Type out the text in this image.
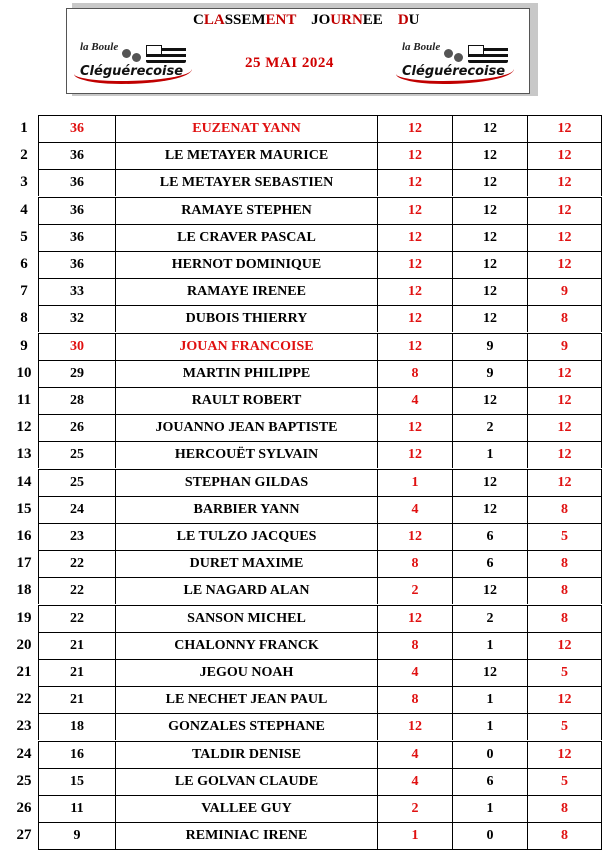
CLASSEMENT    JOURNEE    DU
25 MAI 2024
la Boule
Cléguérecoise
la Boule
Cléguérecoise
1	36	EUZENAT YANN	12	12	12
2	36	LE METAYER MAURICE	12	12	12
3	36	LE METAYER SEBASTIEN	12	12	12
4	36	RAMAYE STEPHEN	12	12	12
5	36	LE CRAVER PASCAL	12	12	12
6	36	HERNOT DOMINIQUE	12	12	12
7	33	RAMAYE IRENEE	12	12	9
8	32	DUBOIS THIERRY	12	12	8
9	30	JOUAN FRANCOISE	12	9	9
10	29	MARTIN PHILIPPE	8	9	12
11	28	RAULT ROBERT	4	12	12
12	26	JOUANNO JEAN BAPTISTE	12	2	12
13	25	HERCOUËT SYLVAIN	12	1	12
14	25	STEPHAN GILDAS	1	12	12
15	24	BARBIER YANN	4	12	8
16	23	LE TULZO JACQUES	12	6	5
17	22	DURET MAXIME	8	6	8
18	22	LE NAGARD ALAN	2	12	8
19	22	SANSON MICHEL	12	2	8
20	21	CHALONNY FRANCK	8	1	12
21	21	JEGOU NOAH	4	12	5
22	21	LE NECHET JEAN PAUL	8	1	12
23	18	GONZALES STEPHANE	12	1	5
24	16	TALDIR DENISE	4	0	12
25	15	LE GOLVAN CLAUDE	4	6	5
26	11	VALLEE GUY	2	1	8
27	9	REMINIAC IRENE	1	0	8
